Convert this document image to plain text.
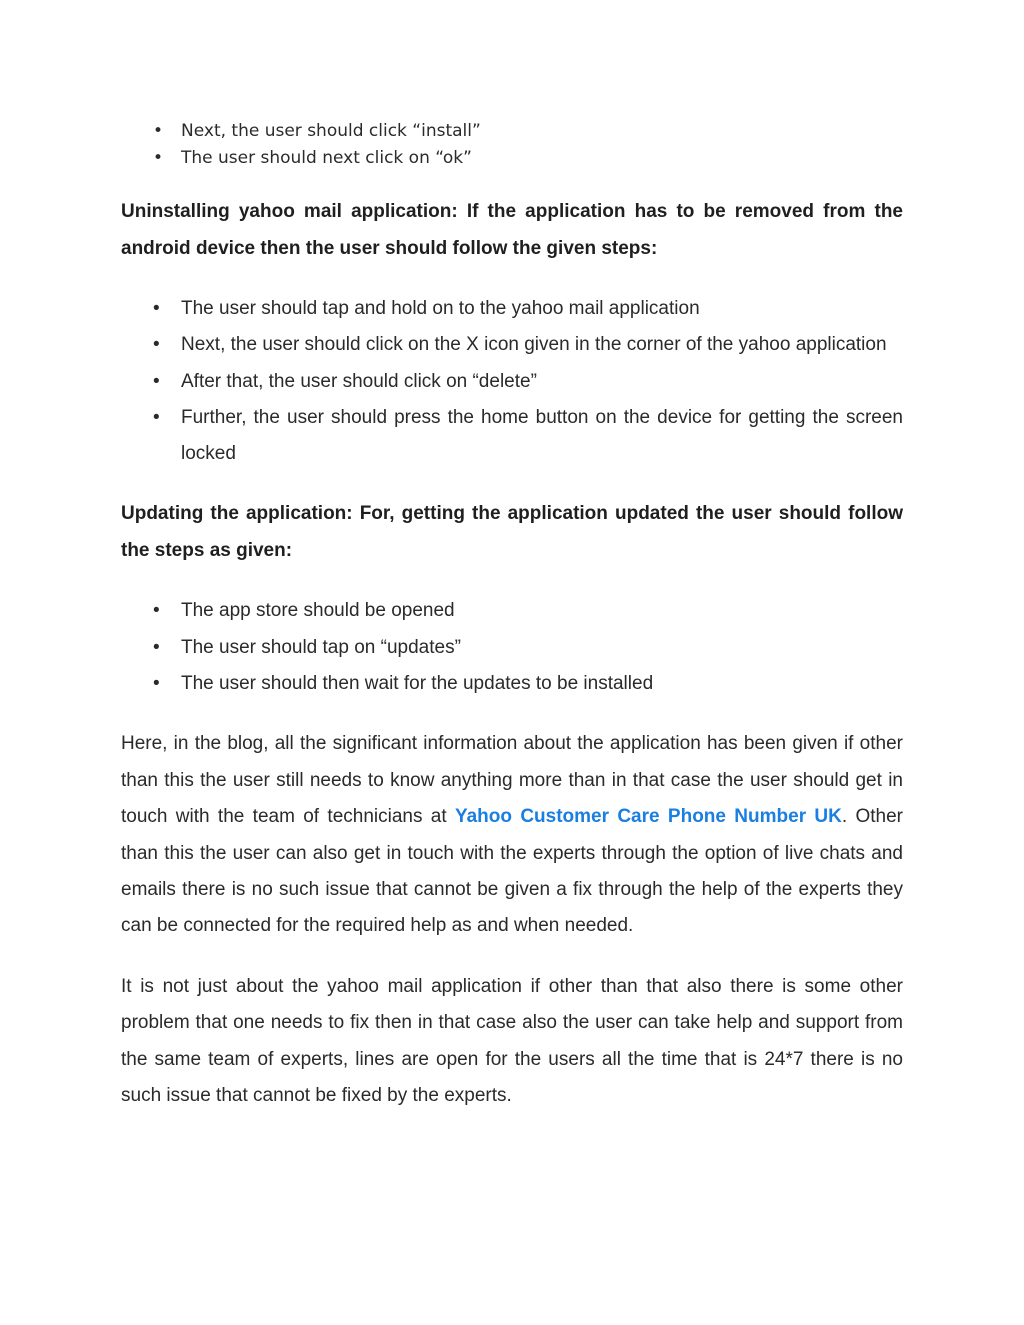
• Next, the user should click “install”
• The user should next click on “ok”

Uninstalling yahoo mail application: If the application has to be removed from the android device then the user should follow the given steps:

• The user should tap and hold on to the yahoo mail application
• Next, the user should click on the X icon given in the corner of the yahoo application
• After that, the user should click on “delete”
• Further, the user should press the home button on the device for getting the screen locked

Updating the application: For, getting the application updated the user should follow the steps as given:

• The app store should be opened
• The user should tap on “updates”
• The user should then wait for the updates to be installed

Here, in the blog, all the significant information about the application has been given if other than this the user still needs to know anything more than in that case the user should get in touch with the team of technicians at Yahoo Customer Care Phone Number UK. Other than this the user can also get in touch with the experts through the option of live chats and emails there is no such issue that cannot be given a fix through the help of the experts they can be connected for the required help as and when needed.

It is not just about the yahoo mail application if other than that also there is some other problem that one needs to fix then in that case also the user can take help and support from the same team of experts, lines are open for the users all the time that is 24*7 there is no such issue that cannot be fixed by the experts.
